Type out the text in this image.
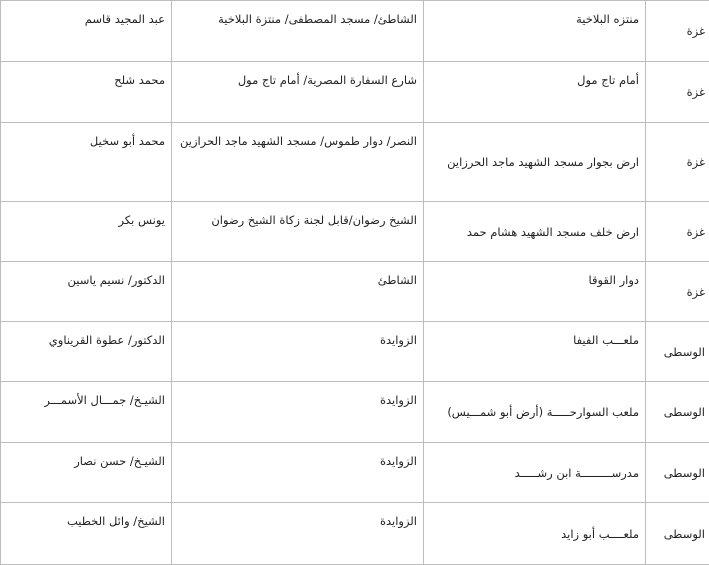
غزة	منتزه البلاخية	الشاطئ/ مسجد المصطفى/ منتزة البلاخية	عبد المجيد قاسم
غزة	أمام تاج مول	شارع السفارة المصرية/ أمام تاج مول	محمد شلح
غزة	ارض بجوار مسجد الشهيد ماجد الحرزاين	النصر/ دوار طموس/ مسجد الشهيد ماجد الحرازين	محمد أبو سخيل
غزة	ارض خلف مسجد الشهيد هشام حمد	الشيخ رضوان/قابل لجنة زكاة الشيخ رضوان	يونس بكر
غزة	دوار القوقا	الشاطئ	الدكتور/ نسيم ياسين
الوسطى	ملعـــب الفيفا	الزوايدة	الدكتور/ عطوة القريناوي
الوسطى	ملعب السوارحـــــة (أرض أبو شمـــيس)	الزوايدة	الشيـخ/ جمـــال الأسمـــر
الوسطى	مدرســـــــــة ابن رشـــــد	الزوايدة	الشيـخ/ حسن نصار
الوسطى	ملعــــب أبو زايد	الزوايدة	الشيخ/ وائل الخطيب
